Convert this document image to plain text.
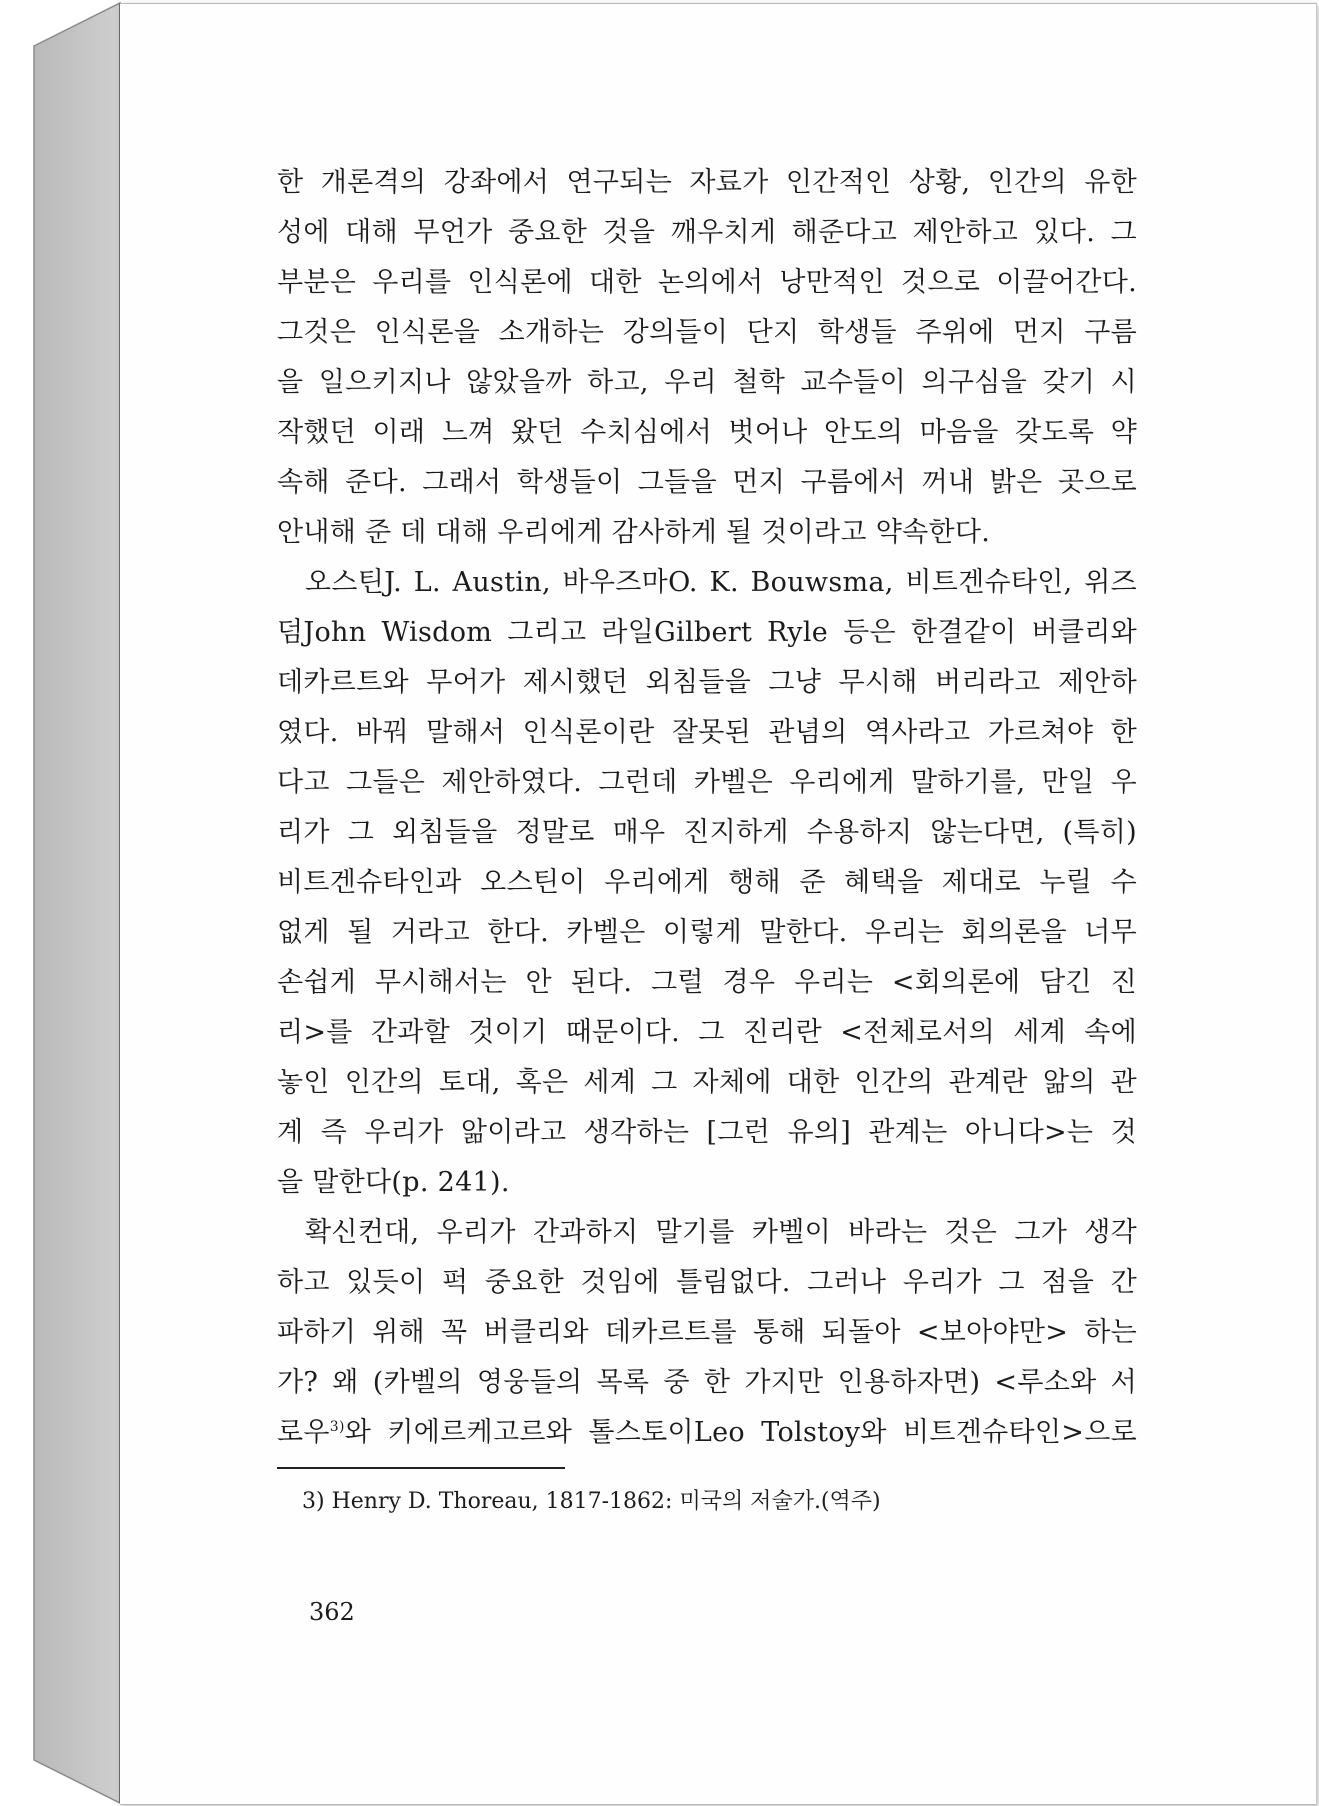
한 개론격의 강좌에서 연구되는 자료가 인간적인 상황, 인간의 유한
성에 대해 무언가 중요한 것을 깨우치게 해준다고 제안하고 있다. 그
부분은 우리를 인식론에 대한 논의에서 낭만적인 것으로 이끌어간다.
그것은 인식론을 소개하는 강의들이 단지 학생들 주위에 먼지 구름
을 일으키지나 않았을까 하고, 우리 철학 교수들이 의구심을 갖기 시
작했던 이래 느껴 왔던 수치심에서 벗어나 안도의 마음을 갖도록 약
속해 준다. 그래서 학생들이 그들을 먼지 구름에서 꺼내 밝은 곳으로
안내해 준 데 대해 우리에게 감사하게 될 것이라고 약속한다.
오스틴J. L. Austin, 바우즈마O. K. Bouwsma, 비트겐슈타인, 위즈
덤John Wisdom 그리고 라일Gilbert Ryle 등은 한결같이 버클리와
데카르트와 무어가 제시했던 외침들을 그냥 무시해 버리라고 제안하
였다. 바꿔 말해서 인식론이란 잘못된 관념의 역사라고 가르쳐야 한
다고 그들은 제안하였다. 그런데 카벨은 우리에게 말하기를, 만일 우
리가 그 외침들을 정말로 매우 진지하게 수용하지 않는다면, (특히)
비트겐슈타인과 오스틴이 우리에게 행해 준 혜택을 제대로 누릴 수
없게 될 거라고 한다. 카벨은 이렇게 말한다. 우리는 회의론을 너무
손쉽게 무시해서는 안 된다. 그럴 경우 우리는 <회의론에 담긴 진
리>를 간과할 것이기 때문이다. 그 진리란 <전체로서의 세계 속에
놓인 인간의 토대, 혹은 세계 그 자체에 대한 인간의 관계란 앎의 관
계 즉 우리가 앎이라고 생각하는 [그런 유의] 관계는 아니다>는 것
을 말한다(p. 241).
확신컨대, 우리가 간과하지 말기를 카벨이 바라는 것은 그가 생각
하고 있듯이 퍽 중요한 것임에 틀림없다. 그러나 우리가 그 점을 간
파하기 위해 꼭 버클리와 데카르트를 통해 되돌아 <보아야만> 하는
가? 왜 (카벨의 영웅들의 목록 중 한 가지만 인용하자면) <루소와 서
로우$^{3)}$와 키에르케고르와 톨스토이Leo Tolstoy와 비트겐슈타인>으로
3) Henry D. Thoreau, 1817-1862: 미국의 저술가.(역주)
362
